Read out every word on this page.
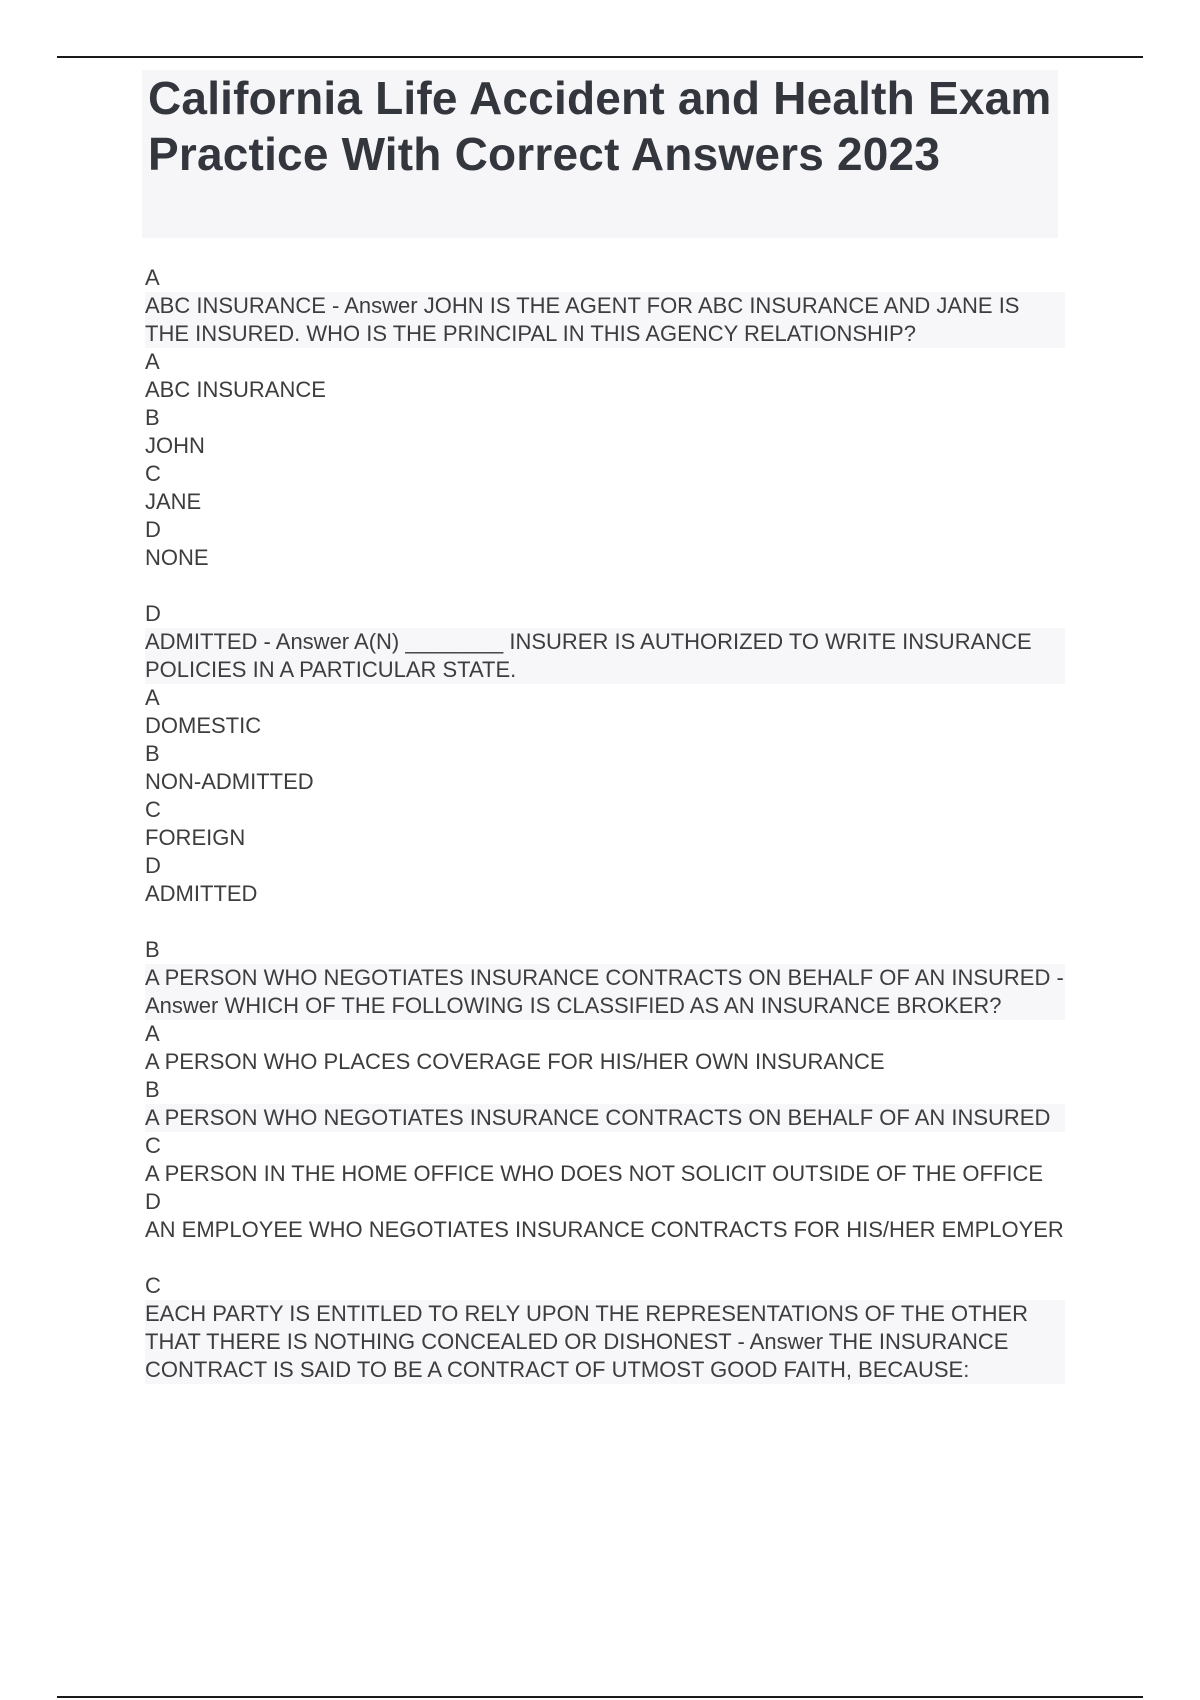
California Life Accident and Health Exam Practice With Correct Answers 2023
A
ABC INSURANCE - Answer JOHN IS THE AGENT FOR ABC INSURANCE AND JANE IS THE INSURED. WHO IS THE PRINCIPAL IN THIS AGENCY RELATIONSHIP?
A
ABC INSURANCE
B
JOHN
C
JANE
D
NONE
D
ADMITTED - Answer A(N) ________ INSURER IS AUTHORIZED TO WRITE INSURANCE POLICIES IN A PARTICULAR STATE.
A
DOMESTIC
B
NON-ADMITTED
C
FOREIGN
D
ADMITTED
B
A PERSON WHO NEGOTIATES INSURANCE CONTRACTS ON BEHALF OF AN INSURED - Answer WHICH OF THE FOLLOWING IS CLASSIFIED AS AN INSURANCE BROKER?
A
A PERSON WHO PLACES COVERAGE FOR HIS/HER OWN INSURANCE
B
A PERSON WHO NEGOTIATES INSURANCE CONTRACTS ON BEHALF OF AN INSURED
C
A PERSON IN THE HOME OFFICE WHO DOES NOT SOLICIT OUTSIDE OF THE OFFICE
D
AN EMPLOYEE WHO NEGOTIATES INSURANCE CONTRACTS FOR HIS/HER EMPLOYER
C
EACH PARTY IS ENTITLED TO RELY UPON THE REPRESENTATIONS OF THE OTHER THAT THERE IS NOTHING CONCEALED OR DISHONEST - Answer THE INSURANCE CONTRACT IS SAID TO BE A CONTRACT OF UTMOST GOOD FAITH, BECAUSE:
